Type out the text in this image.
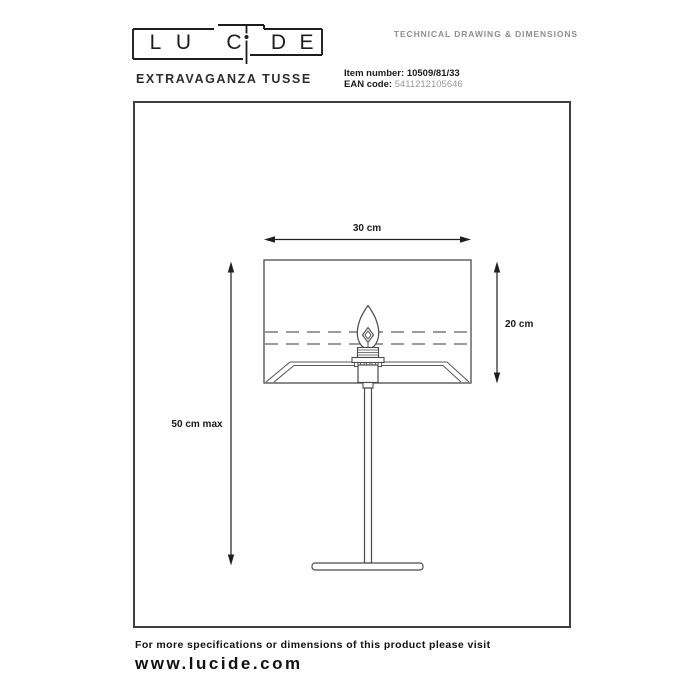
L U C D E	TECHNICAL DRAWING & DIMENSIONS
EXTRAVAGANZA TUSSE	Item number: 10509/81/33
EAN code: 5411212105646
30 cm
20 cm
50 cm max
For more specifications or dimensions of this product please visit
www.lucide.com
